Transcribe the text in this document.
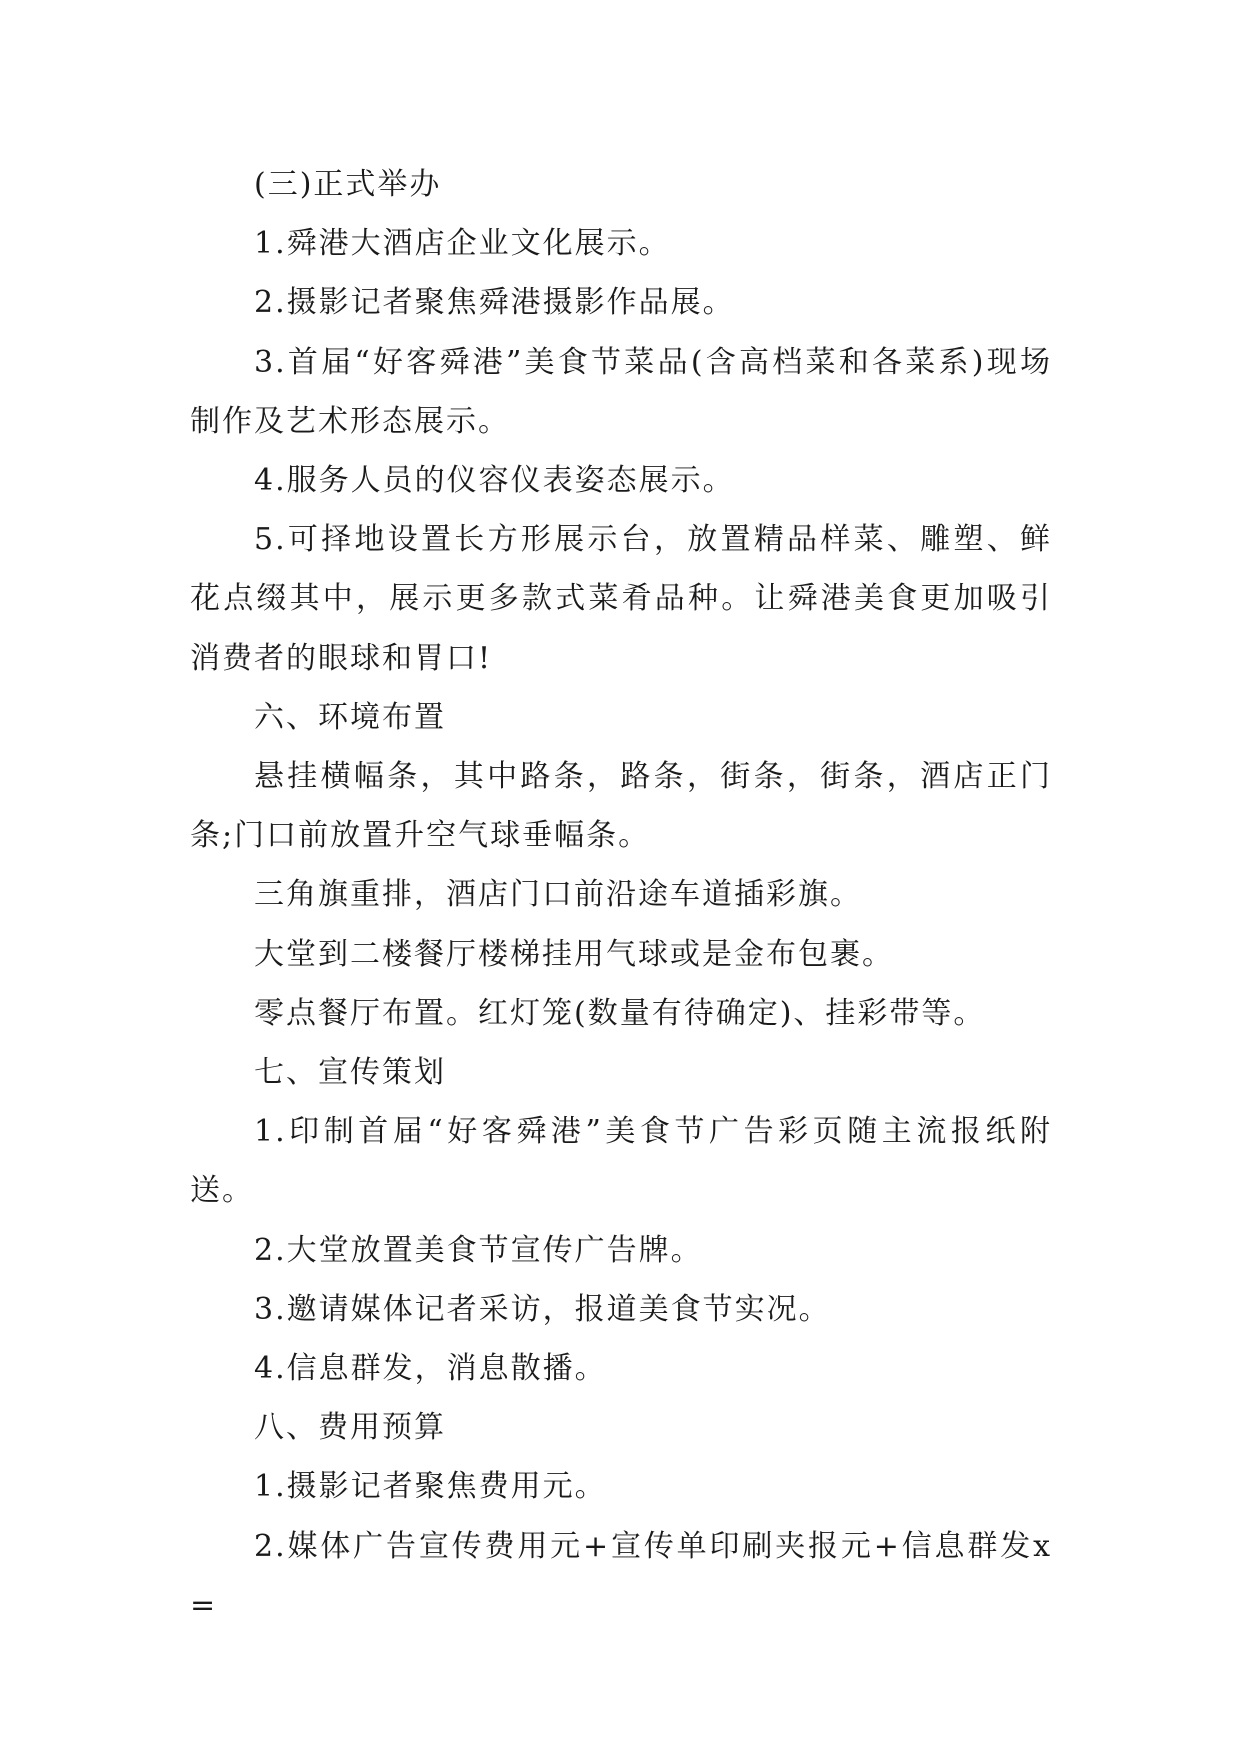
(三)正式举办

1.舜港大酒店企业文化展示。

2.摄影记者聚焦舜港摄影作品展。

3.首届“好客舜港”美食节菜品(含高档菜和各菜系)现场制作及艺术形态展示。

4.服务人员的仪容仪表姿态展示。

5.可择地设置长方形展示台，放置精品样菜、雕塑、鲜花点缀其中，展示更多款式菜肴品种。让舜港美食更加吸引消费者的眼球和胃口!

六、环境布置

悬挂横幅条，其中路条，路条，街条，街条，酒店正门条;门口前放置升空气球垂幅条。

三角旗重排，酒店门口前沿途车道插彩旗。

大堂到二楼餐厅楼梯挂用气球或是金布包裹。

零点餐厅布置。红灯笼(数量有待确定)、挂彩带等。

七、宣传策划

1.印制首届“好客舜港”美食节广告彩页随主流报纸附送。

2.大堂放置美食节宣传广告牌。

3.邀请媒体记者采访，报道美食节实况。

4.信息群发，消息散播。

八、费用预算

1.摄影记者聚焦费用元。

2.媒体广告宣传费用元+宣传单印刷夹报元+信息群发x=
